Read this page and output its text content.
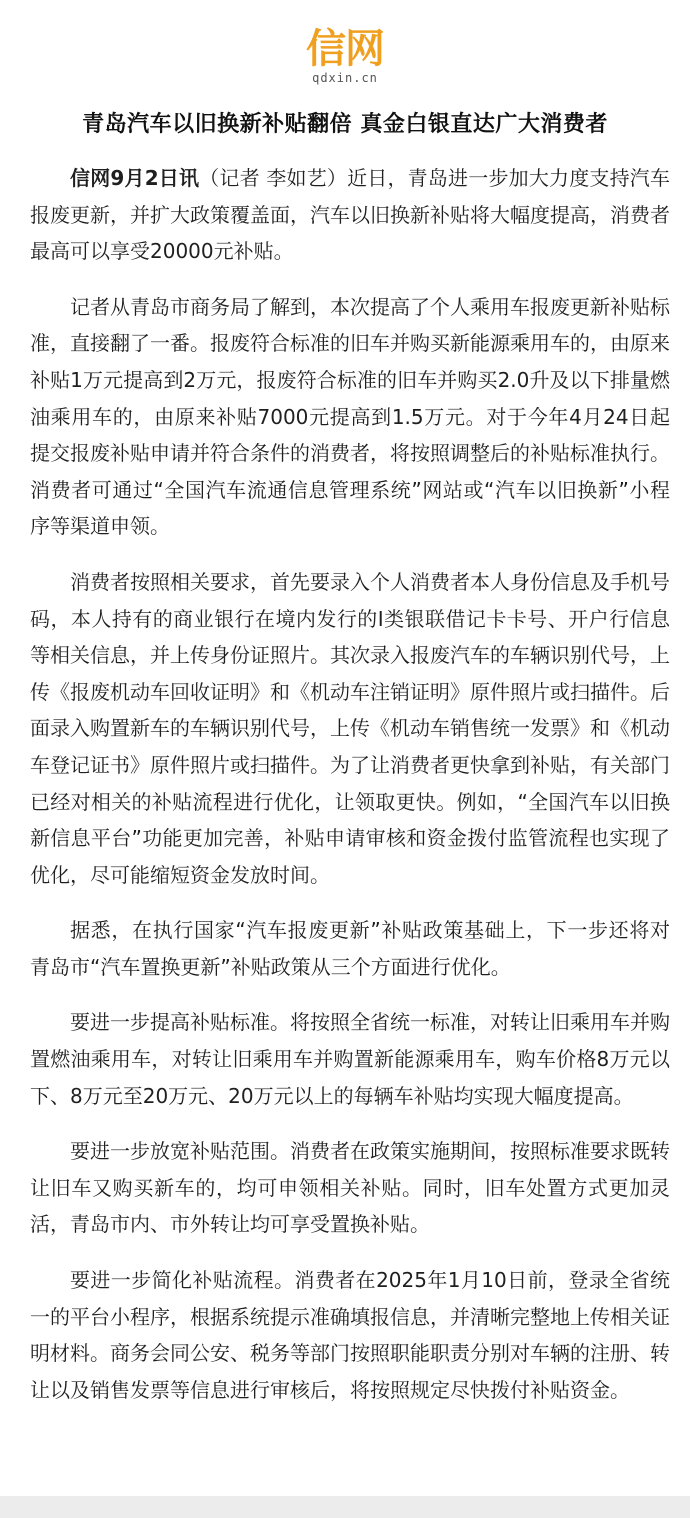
信网
qdxin.cn
青岛汽车以旧换新补贴翻倍 真金白银直达广大消费者

信网9月2日讯（记者 李如艺）近日，青岛进一步加大力度支持汽车报废更新，并扩大政策覆盖面，汽车以旧换新补贴将大幅度提高，消费者最高可以享受20000元补贴。

记者从青岛市商务局了解到，本次提高了个人乘用车报废更新补贴标准，直接翻了一番。报废符合标准的旧车并购买新能源乘用车的，由原来补贴1万元提高到2万元，报废符合标准的旧车并购买2.0升及以下排量燃油乘用车的，由原来补贴7000元提高到1.5万元。对于今年4月24日起提交报废补贴申请并符合条件的消费者，将按照调整后的补贴标准执行。消费者可通过“全国汽车流通信息管理系统”网站或“汽车以旧换新”小程序等渠道申领。

消费者按照相关要求，首先要录入个人消费者本人身份信息及手机号码，本人持有的商业银行在境内发行的I类银联借记卡卡号、开户行信息等相关信息，并上传身份证照片。其次录入报废汽车的车辆识别代号，上传《报废机动车回收证明》和《机动车注销证明》原件照片或扫描件。后面录入购置新车的车辆识别代号，上传《机动车销售统一发票》和《机动车登记证书》原件照片或扫描件。为了让消费者更快拿到补贴，有关部门已经对相关的补贴流程进行优化，让领取更快。例如，“全国汽车以旧换新信息平台”功能更加完善，补贴申请审核和资金拨付监管流程也实现了优化，尽可能缩短资金发放时间。

据悉，在执行国家“汽车报废更新”补贴政策基础上，下一步还将对青岛市“汽车置换更新”补贴政策从三个方面进行优化。

要进一步提高补贴标准。将按照全省统一标准，对转让旧乘用车并购置燃油乘用车，对转让旧乘用车并购置新能源乘用车，购车价格8万元以下、8万元至20万元、20万元以上的每辆车补贴均实现大幅度提高。

要进一步放宽补贴范围。消费者在政策实施期间，按照标准要求既转让旧车又购买新车的，均可申领相关补贴。同时，旧车处置方式更加灵活，青岛市内、市外转让均可享受置换补贴。

要进一步简化补贴流程。消费者在2025年1月10日前，登录全省统一的平台小程序，根据系统提示准确填报信息，并清晰完整地上传相关证明材料。商务会同公安、税务等部门按照职能职责分别对车辆的注册、转让以及销售发票等信息进行审核后，将按照规定尽快拨付补贴资金。
